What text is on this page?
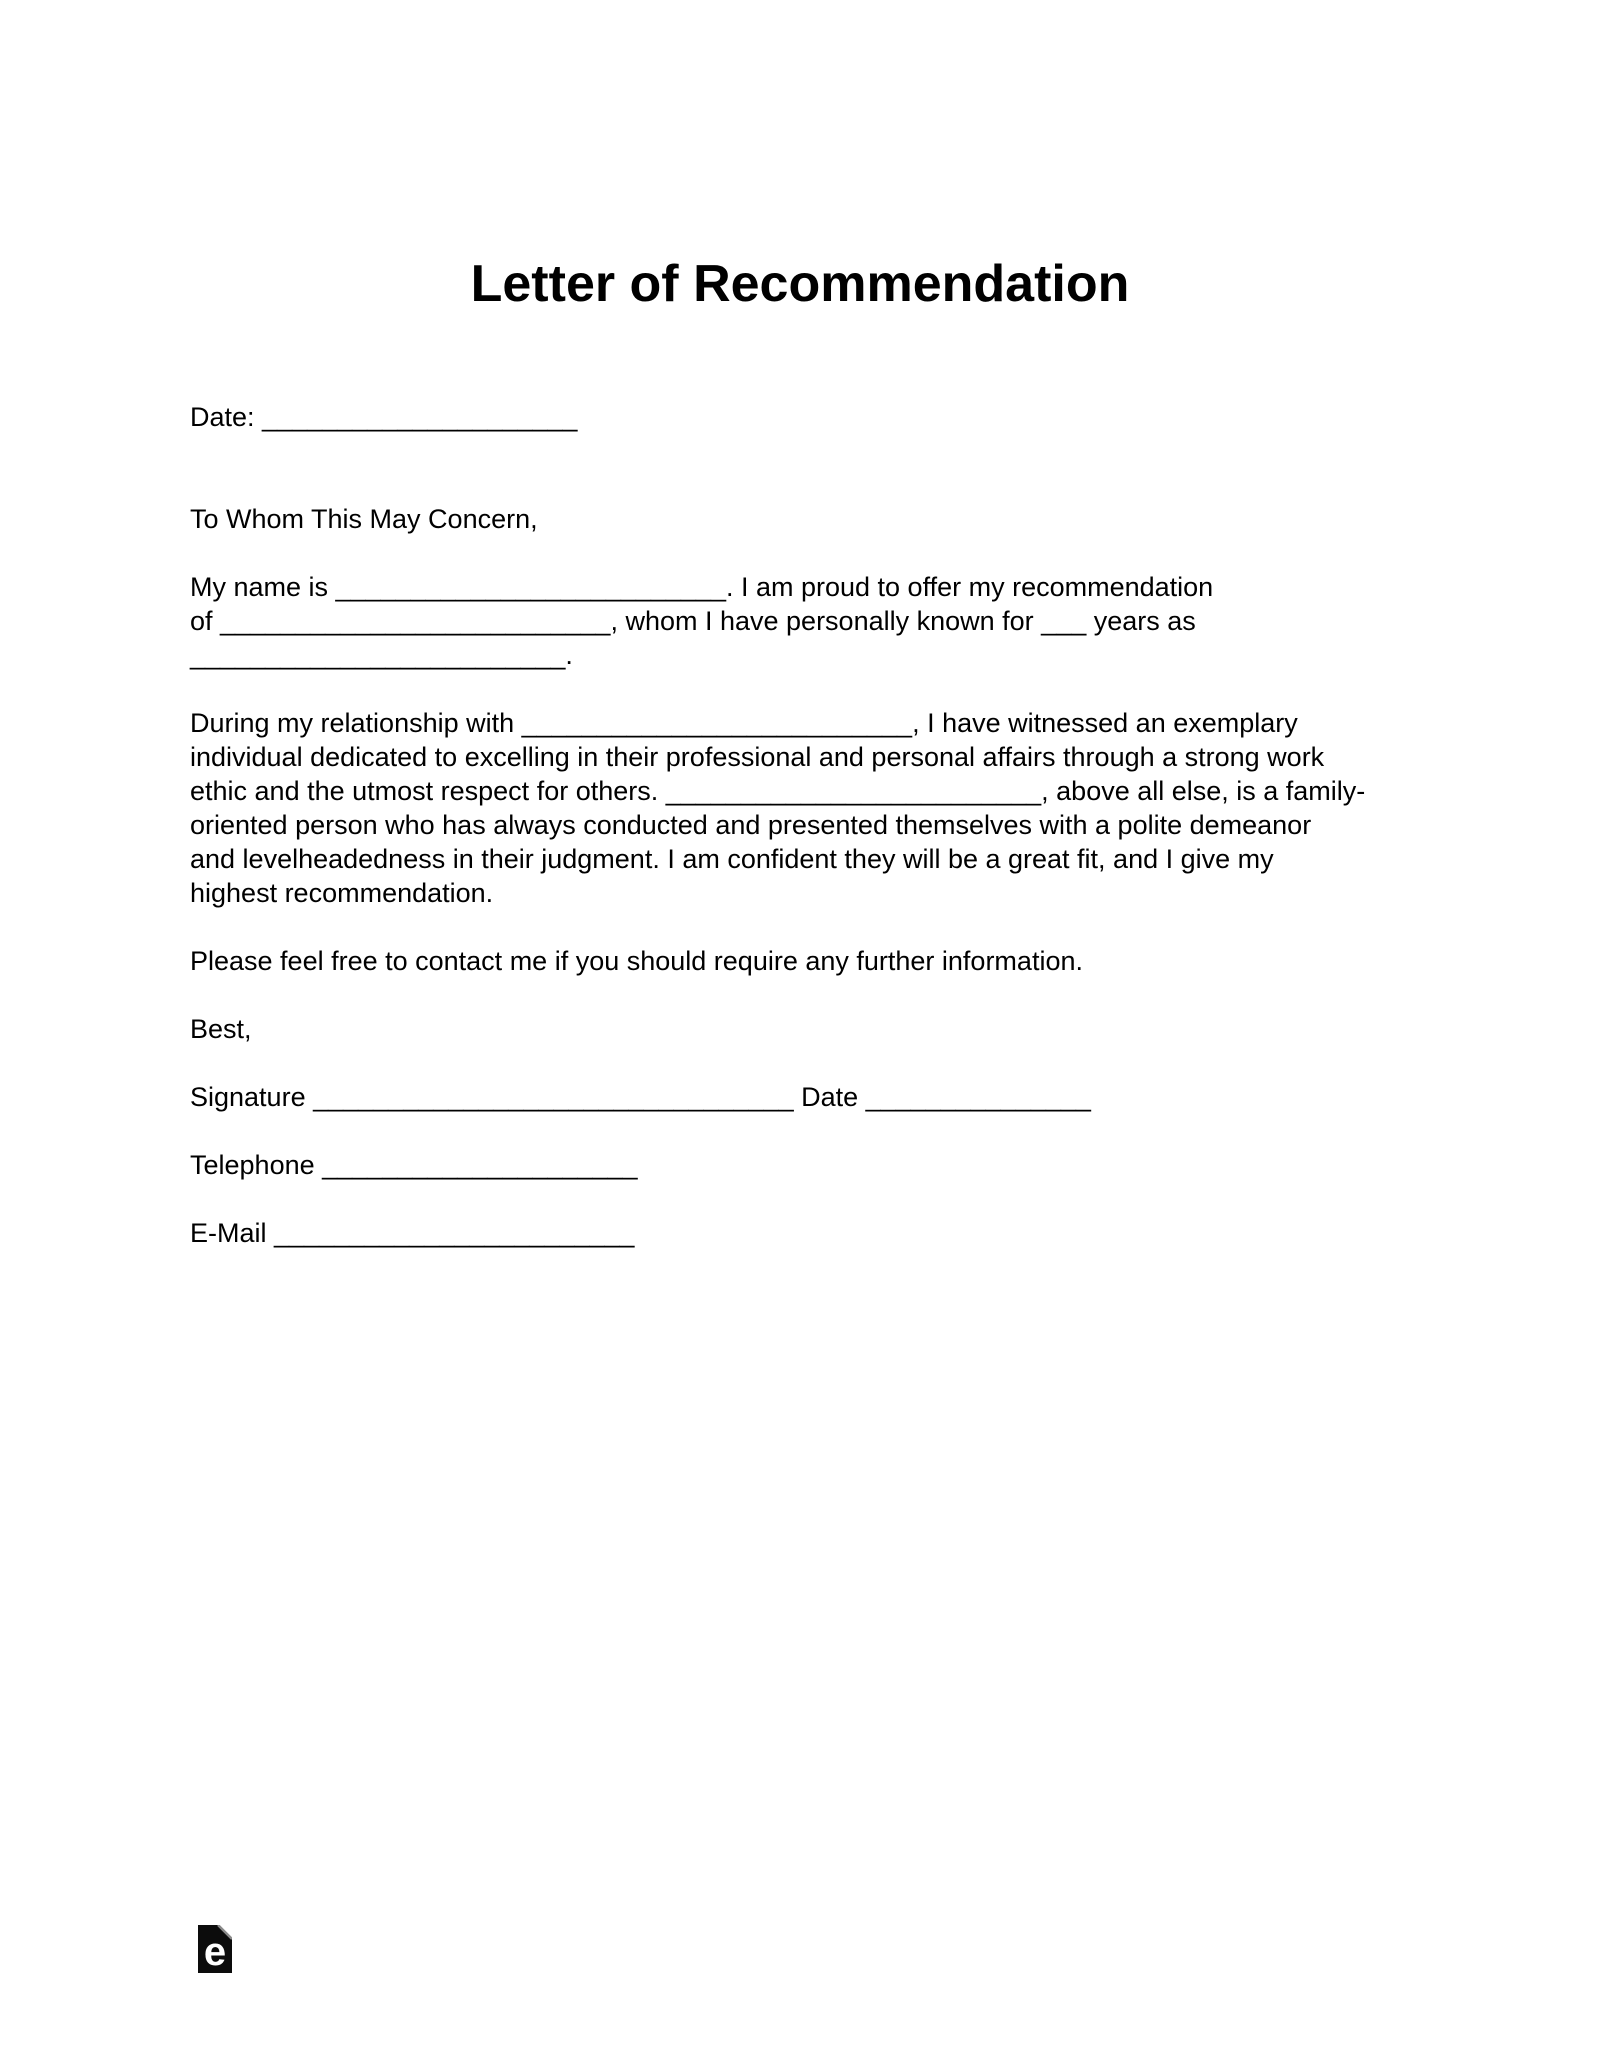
Letter of Recommendation
Date: _____________________
To Whom This May Concern,
My name is __________________________. I am proud to offer my recommendation
of __________________________, whom I have personally known for ___ years as
_________________________.
During my relationship with __________________________, I have witnessed an exemplary
individual dedicated to excelling in their professional and personal affairs through a strong work
ethic and the utmost respect for others. _________________________, above all else, is a family-
oriented person who has always conducted and presented themselves with a polite demeanor
and levelheadedness in their judgment. I am confident they will be a great fit, and I give my
highest recommendation.
Please feel free to contact me if you should require any further information.
Best,
Signature ________________________________ Date _______________
Telephone _____________________
E-Mail ________________________
e
